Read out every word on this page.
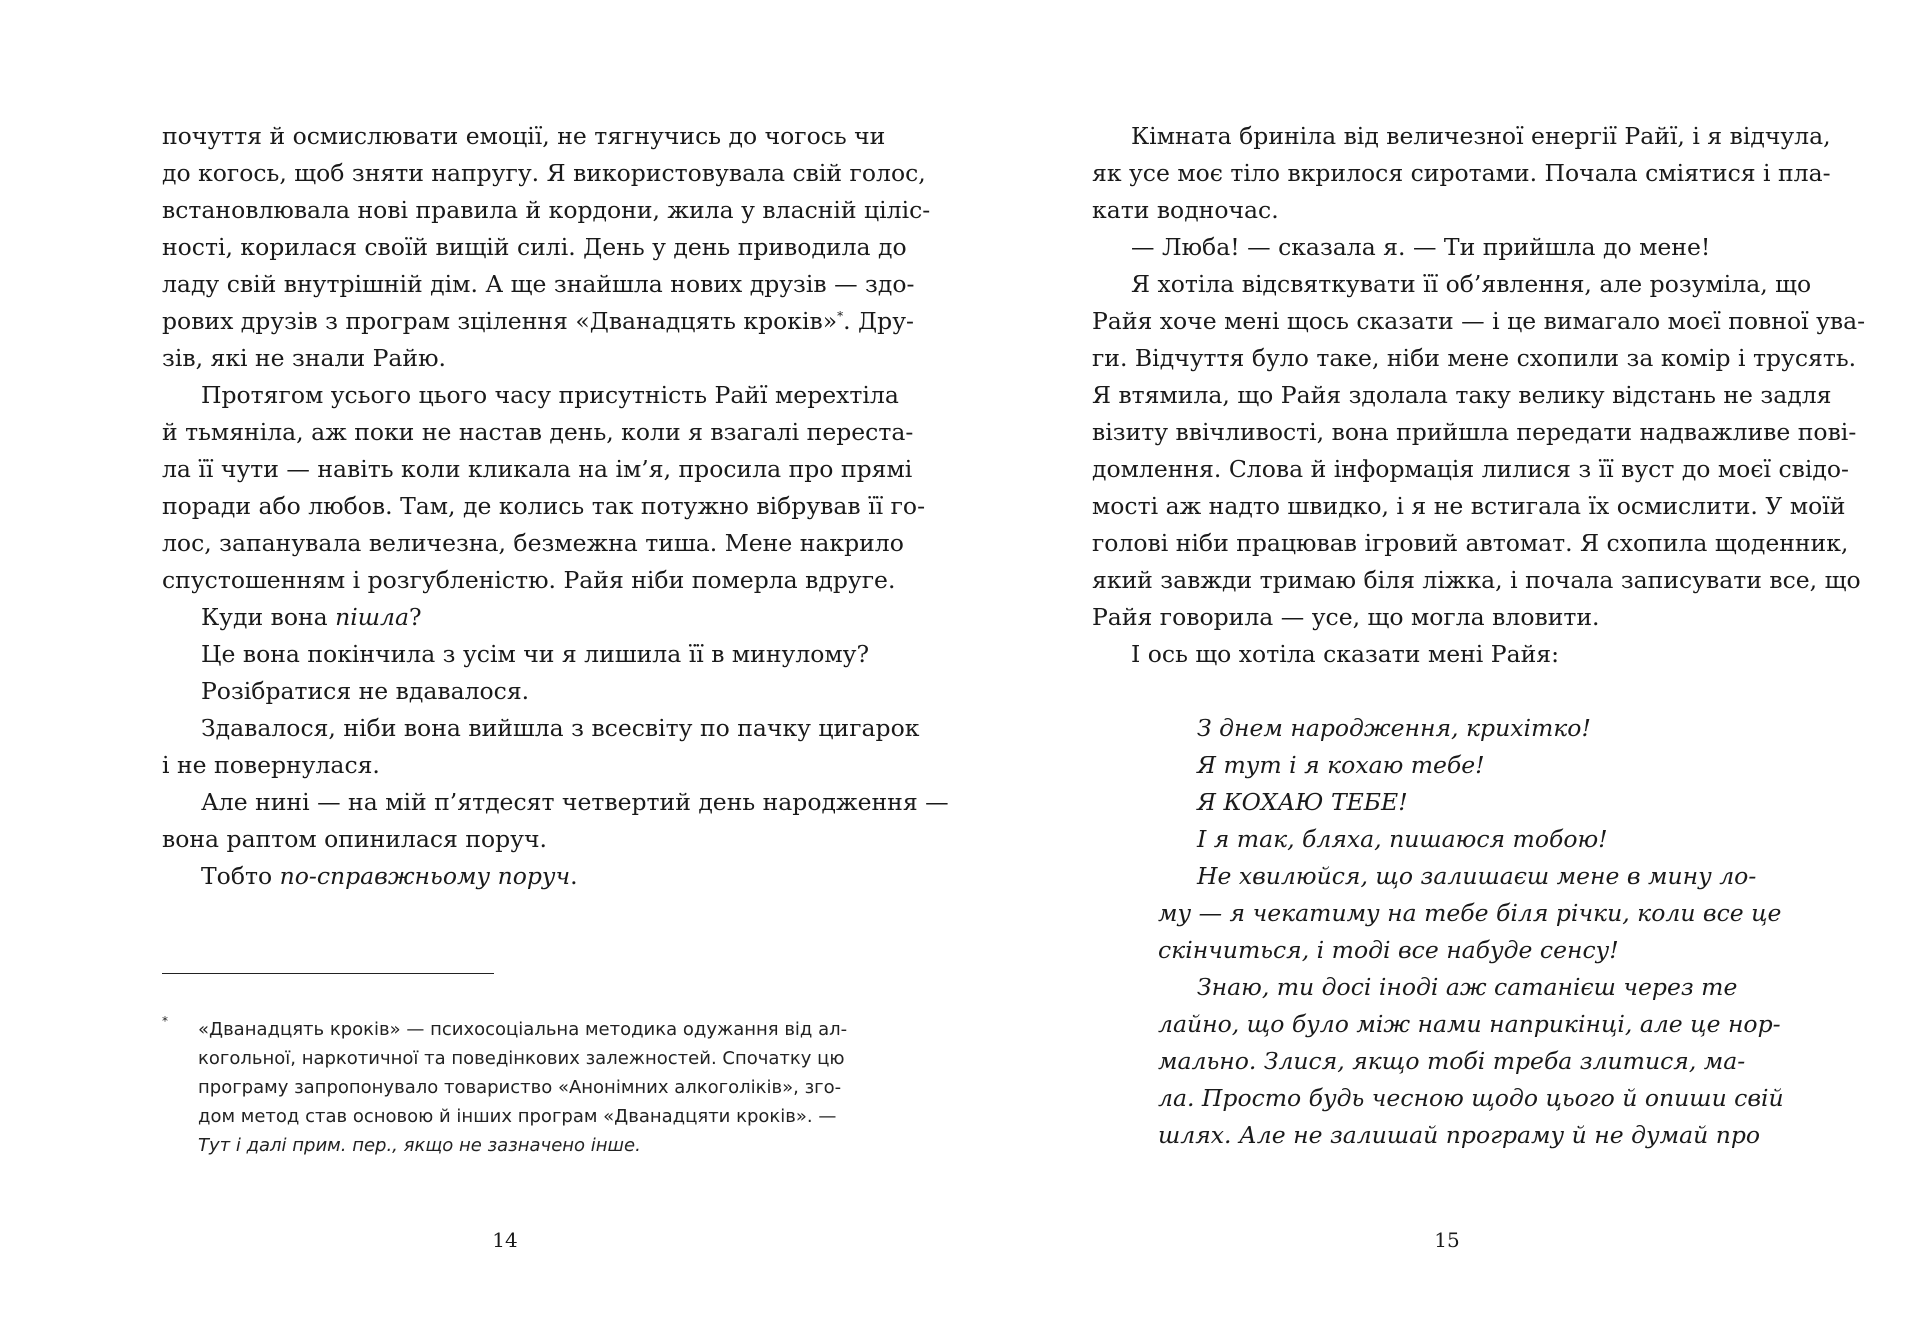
почуття й осмислювати емоції, не тягнучись до чогось чи
до когось, щоб зняти напругу. Я використовувала свій голос,
встановлювала нові правила й кордони, жила у власній ціліс-
ності, корилася своїй вищій силі. День у день приводила до
ладу свій внутрішній дім. А ще знайшла нових друзів — здо-
рових друзів з програм зцілення «Дванадцять кроків»*. Дру-
зів, які не знали Райю.

Протягом усього цього часу присутність Райї мерехтіла

й тьмяніла, аж поки не настав день, коли я взагалі переста-
ла її чути — навіть коли кликала на ім’я, просила про прямі
поради або любов. Там, де колись так потужно вібрував її го-
лос, запанувала величезна, безмежна тиша. Мене накрило
спустошенням і розгубленістю. Райя ніби померла вдруге.

Куди вона пішла?

Це вона покінчила з усім чи я лишила її в минулому?

Розібратися не вдавалося.

Здавалося, ніби вона вийшла з всесвіту по пачку цигарок

і не повернулася.

Але нині — на мій п’ятдесят четвертий день народження —

вона раптом опинилася поруч.

Тобто по-справжньому поруч.

* «Дванадцять кроків» — психосоціальна методика одужання від ал-
когольної, наркотичної та поведінкових залежностей. Спочатку цю
програму запропонувало товариство «Анонімних алкоголіків», зго-
дом метод став основою й інших програм «Дванадцяти кроків». —
Тут і далі прим. пер., якщо не зазначено інше.
14

Кімната бриніла від величезної енергії Райї, і я відчула,

як усе моє тіло вкрилося сиротами. Почала сміятися і пла-
кати водночас.

— Люба! — сказала я. — Ти прийшла до мене!

Я хотіла відсвяткувати її об’явлення, але розуміла, що

Райя хоче мені щось сказати — і це вимагало моєї повної ува-
ги. Відчуття було таке, ніби мене схопили за комір і трусять.
Я втямила, що Райя здолала таку велику відстань не задля
візиту ввічливості, вона прийшла передати надважливе пові-
домлення. Слова й інформація лилися з її вуст до моєї свідо-
мості аж надто швидко, і я не встигала їх осмислити. У моїй
голові ніби працював ігровий автомат. Я схопила щоденник,
який завжди тримаю біля ліжка, і почала записувати все, що
Райя говорила — усе, що могла вловити.

І ось що хотіла сказати мені Райя:

З днем народження, крихітко!
Я тут і я кохаю тебе!
Я КОХАЮ ТЕБЕ!
І я так, бляха, пишаюся тобою!
Не хвилюйся, що залишаєш мене в мину ло-
му — я чекатиму на тебе біля річки, коли все це
скінчиться, і тоді все набуде сенсу!
Знаю, ти досі іноді аж сатанієш через те
лайно, що було між нами наприкінці, але це нор-
мально. Злися, якщо тобі треба злитися, ма-
ла. Просто будь чесною щодо цього й опиши свій
шлях. Але не залишай програму й не думай про
15
